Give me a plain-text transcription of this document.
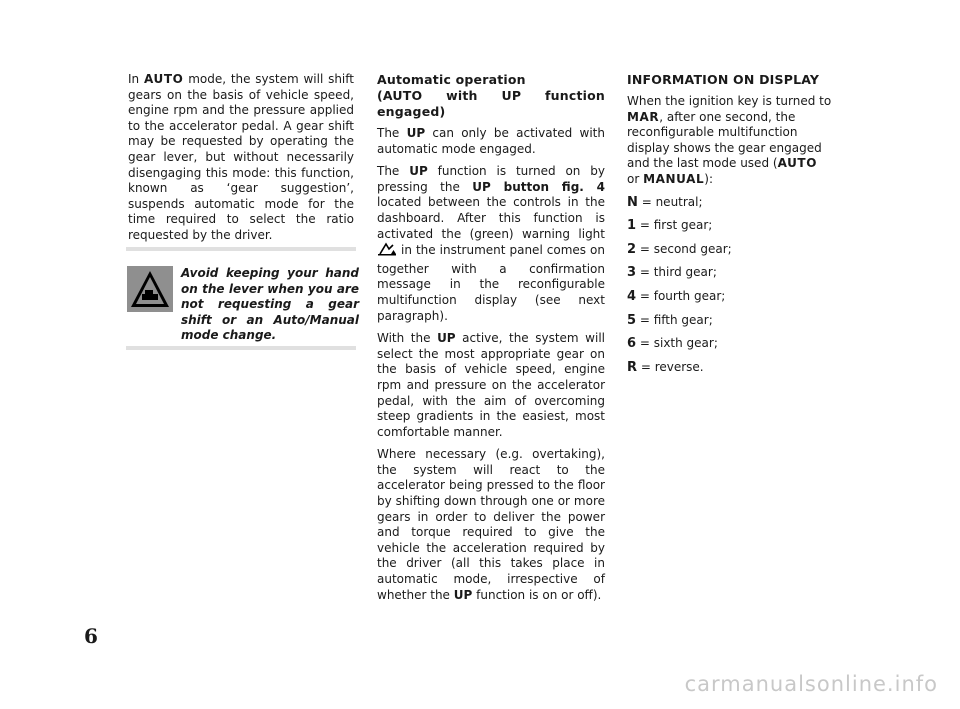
In AUTO mode, the system will shift gears on the basis of vehicle speed, engine rpm and the pressure applied to the accelerator pedal. A gear shift may be requested by operating the gear lever, but without necessarily disengaging this mode: this function, known as ‘gear suggestion’, suspends automatic mode for the time required to select the ratio requested by the driver.

Avoid keeping your hand on the lever when you are not requesting a gear shift or an Auto/Manual mode change.
Automatic operation
(AUTO with UP function engaged)

The UP can only be activated with automatic mode engaged.

The UP function is turned on by pressing the UP button fig. 4 located between the controls in the dashboard. After this function is activated the (green) warning light  in the instrument panel comes on together with a confirmation message in the reconfigurable multifunction display (see next paragraph).

With the UP active, the system will select the most appropriate gear on the basis of vehicle speed, engine rpm and pressure on the accelerator pedal, with the aim of overcoming steep gradients in the easiest, most comfortable manner.

Where necessary (e.g. overtaking), the system will react to the accelerator being pressed to the floor by shifting down through one or more gears in order to deliver the power and torque required to give the vehicle the acceleration required by the driver (all this takes place in automatic mode, irrespective of whether the UP function is on or off).

INFORMATION ON DISPLAY

When the ignition key is turned to MAR, after one second, the reconfigurable multifunction display shows the gear engaged and the last mode used (AUTO or MANUAL):

N = neutral;
1 = first gear;
2 = second gear;
3 = third gear;
4 = fourth gear;
5 = fifth gear;
6 = sixth gear;
R = reverse.
6
carmanualsonline.info
